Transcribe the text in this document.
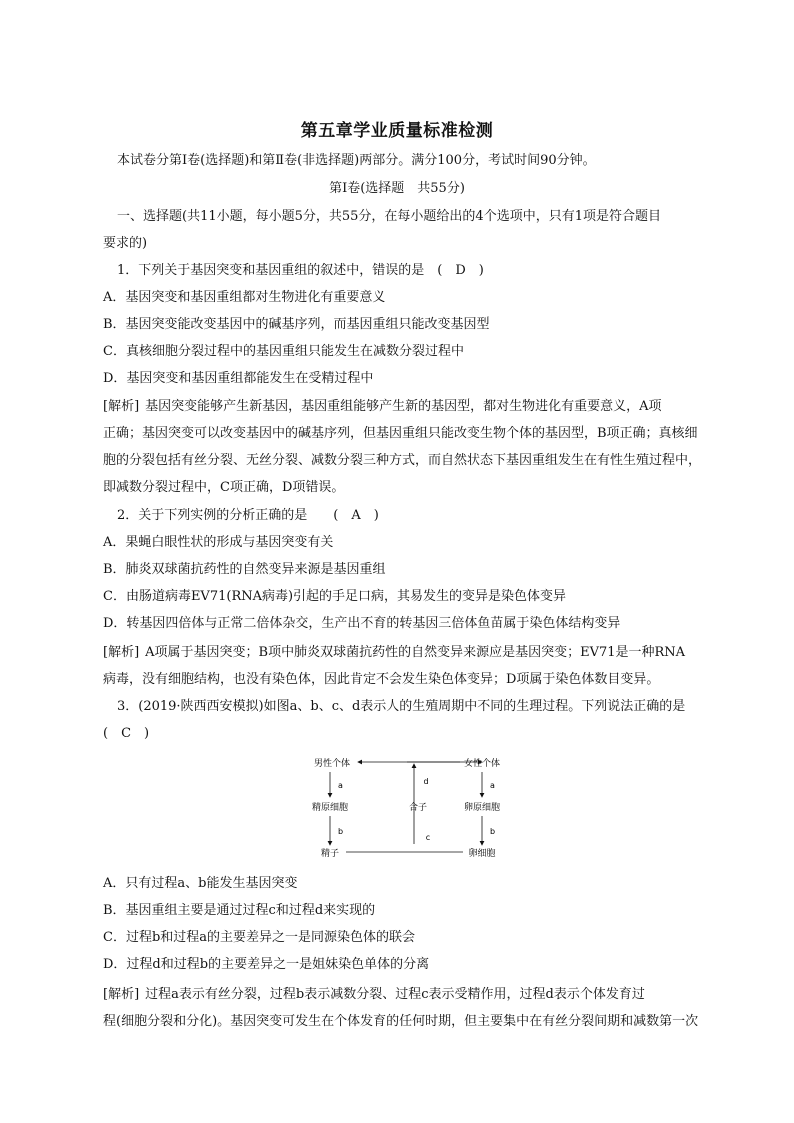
第五章学业质量标准检测
本试卷分第Ⅰ卷(选择题)和第Ⅱ卷(非选择题)两部分。满分100分，考试时间90分钟。
第Ⅰ卷(选择题　共55分)
一、选择题(共11小题，每小题5分，共55分，在每小题给出的4个选项中，只有1项是符合题目
要求的)
1．下列关于基因突变和基因重组的叙述中，错误的是　(　D　)
A．基因突变和基因重组都对生物进化有重要意义
B．基因突变能改变基因中的碱基序列，而基因重组只能改变基因型
C．真核细胞分裂过程中的基因重组只能发生在减数分裂过程中
D．基因突变和基因重组都能发生在受精过程中
[解析] 基因突变能够产生新基因，基因重组能够产生新的基因型，都对生物进化有重要意义，A项
正确；基因突变可以改变基因中的碱基序列，但基因重组只能改变生物个体的基因型，B项正确；真核细
胞的分裂包括有丝分裂、无丝分裂、减数分裂三种方式，而自然状态下基因重组发生在有性生殖过程中，
即减数分裂过程中，C项正确，D项错误。
2．关于下列实例的分析正确的是　　(　A　)
A．果蝇白眼性状的形成与基因突变有关
B．肺炎双球菌抗药性的自然变异来源是基因重组
C．由肠道病毒EV71(RNA病毒)引起的手足口病，其易发生的变异是染色体变异
D．转基因四倍体与正常二倍体杂交，生产出不育的转基因三倍体鱼苗属于染色体结构变异
[解析] A项属于基因突变；B项中肺炎双球菌抗药性的自然变异来源应是基因突变；EV71是一种RNA
病毒，没有细胞结构，也没有染色体，因此肯定不会发生染色体变异；D项属于染色体数目变异。
3．(2019·陕西西安模拟)如图a、b、c、d表示人的生殖周期中不同的生理过程。下列说法正确的是
(　C　)
男性个体	女性个体
d
a	a
精原细胞	合子	卵原细胞
b	b
精子	卵细胞
c
A．只有过程a、b能发生基因突变
B．基因重组主要是通过过程c和过程d来实现的
C．过程b和过程a的主要差异之一是同源染色体的联会
D．过程d和过程b的主要差异之一是姐妹染色单体的分离
[解析] 过程a表示有丝分裂，过程b表示减数分裂、过程c表示受精作用，过程d表示个体发育过
程(细胞分裂和分化)。基因突变可发生在个体发育的任何时期，但主要集中在有丝分裂间期和减数第一次
